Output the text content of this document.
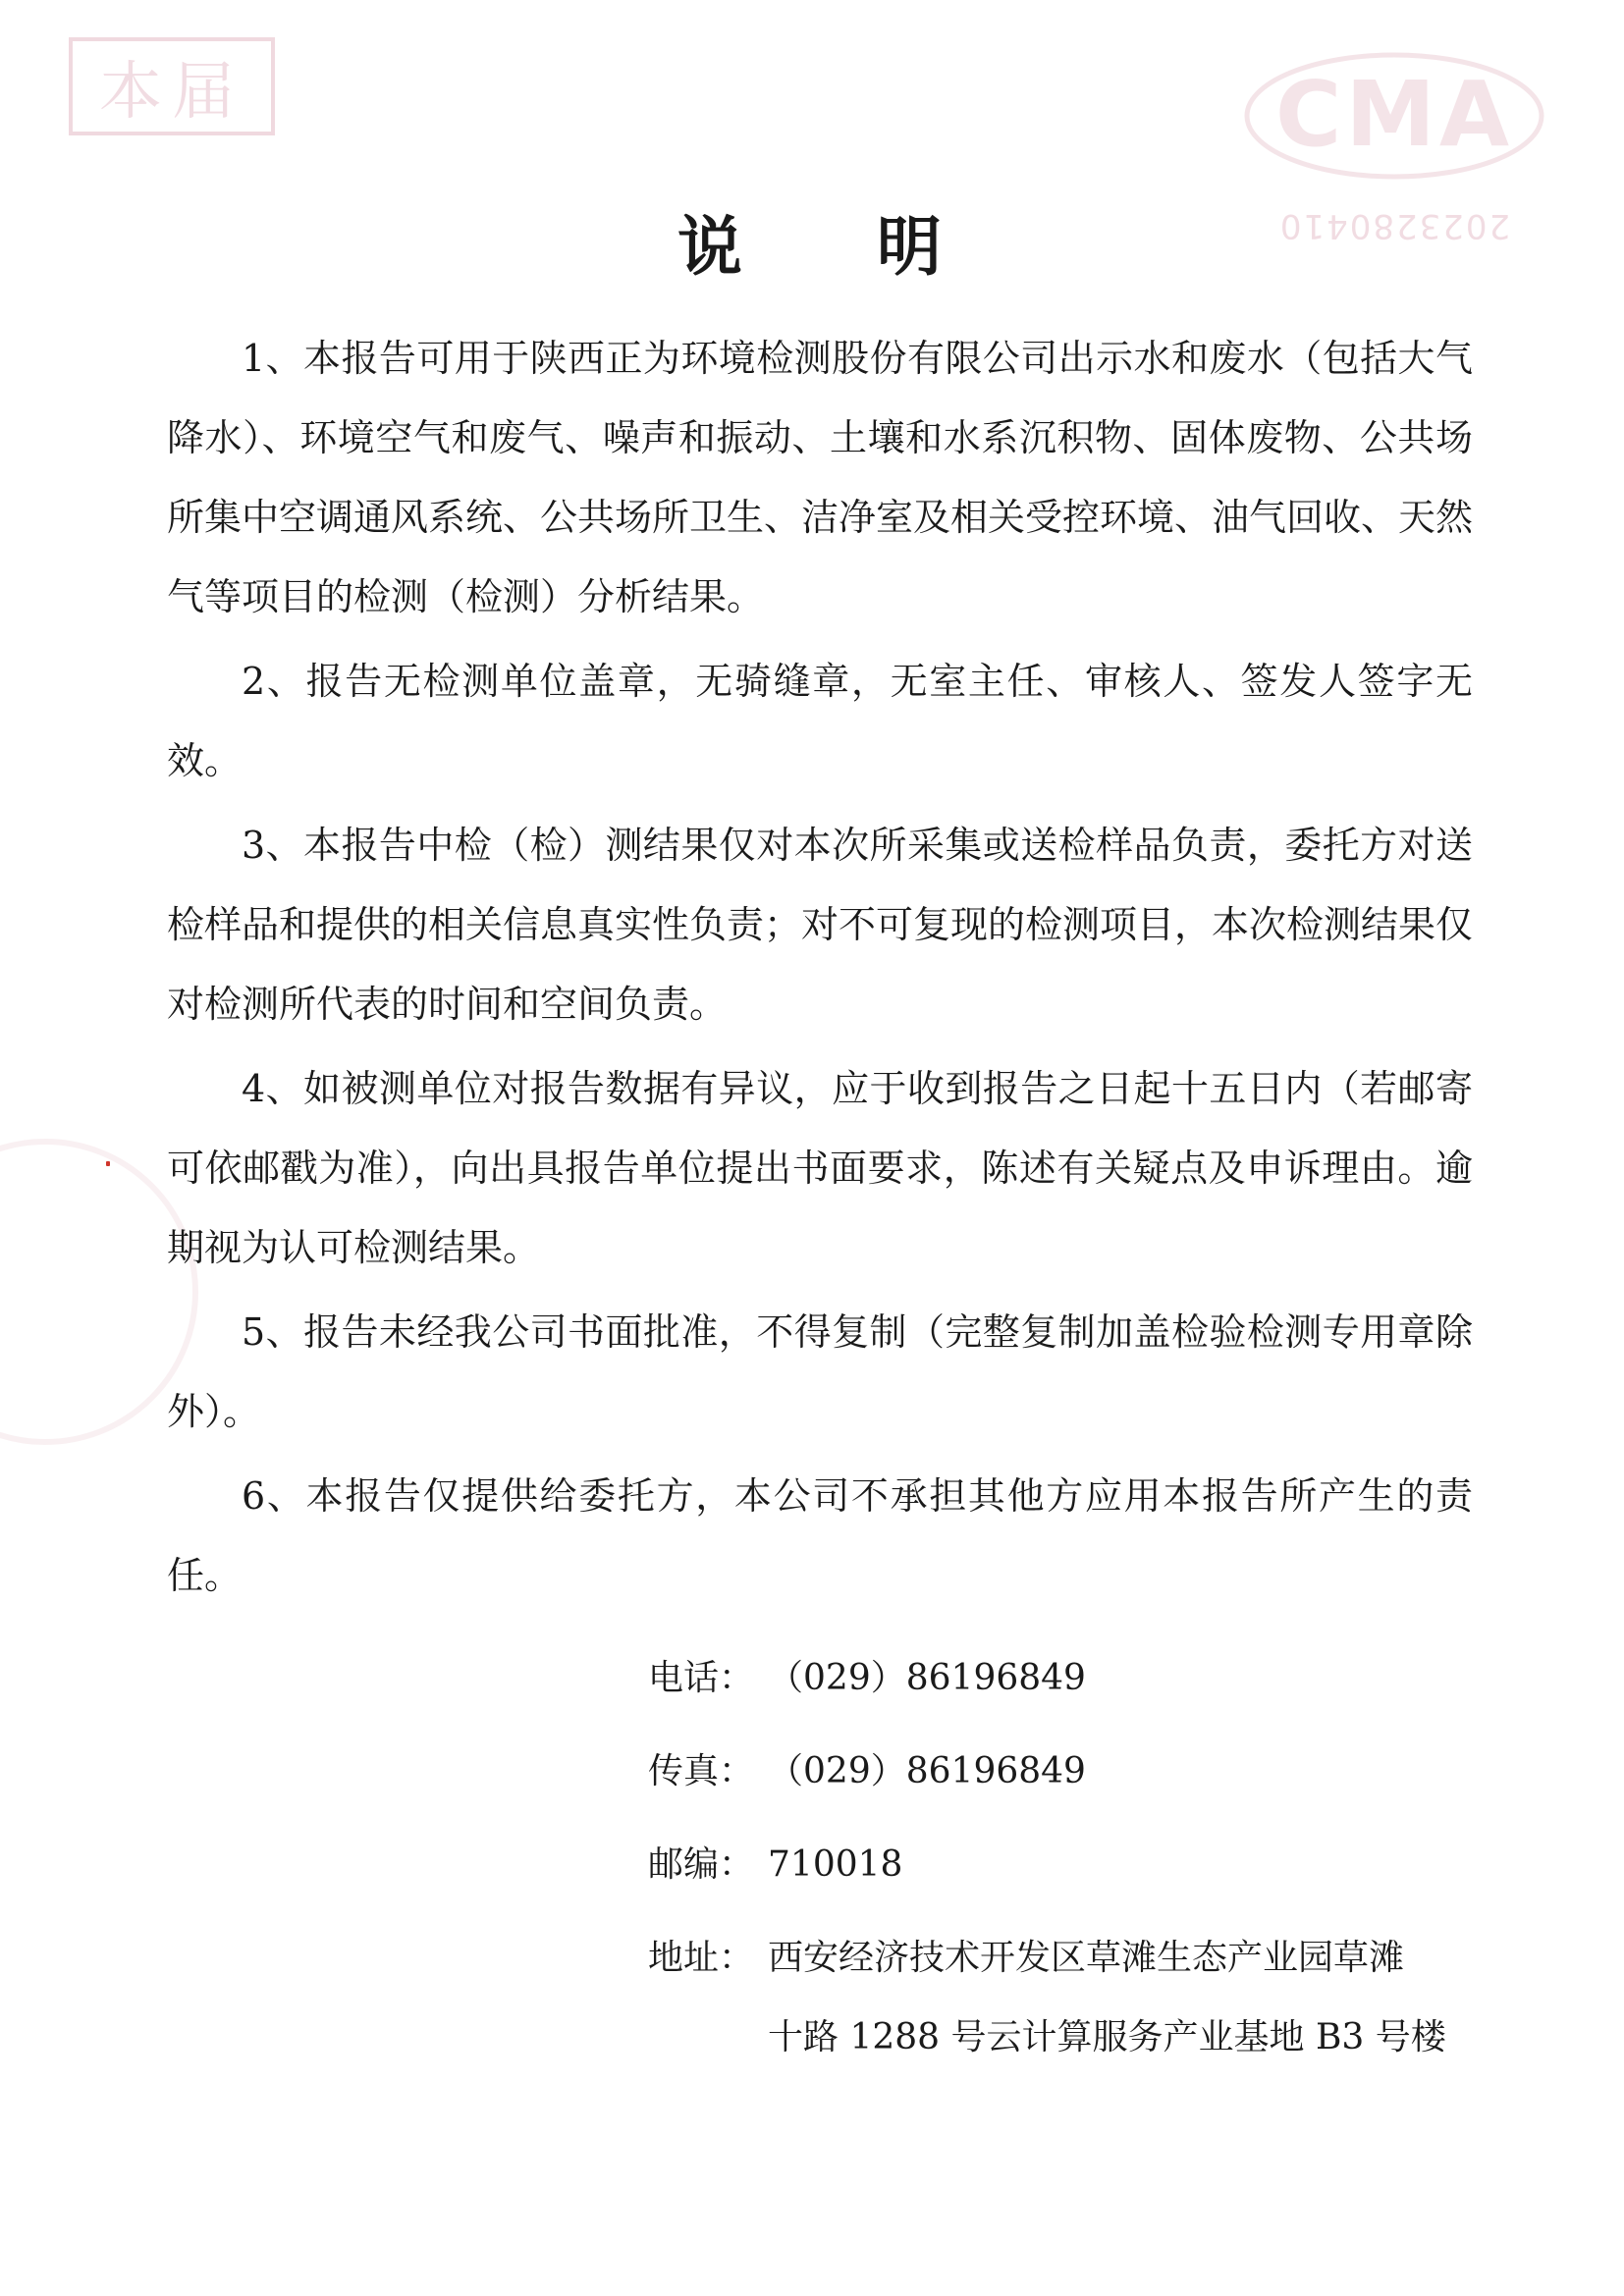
本届	CMA
2023280410
说 明

1、本报告可用于陕西正为环境检测股份有限公司出示水和废水（包括大气降水）、环境空气和废气、噪声和振动、土壤和水系沉积物、固体废物、公共场所集中空调通风系统、公共场所卫生、洁净室及相关受控环境、油气回收、天然气等项目的检测（检测）分析结果。

2、报告无检测单位盖章，无骑缝章，无室主任、审核人、签发人签字无效。

3、本报告中检（检）测结果仅对本次所采集或送检样品负责，委托方对送检样品和提供的相关信息真实性负责；对不可复现的检测项目，本次检测结果仅对检测所代表的时间和空间负责。

4、如被测单位对报告数据有异议，应于收到报告之日起十五日内（若邮寄可依邮戳为准），向出具报告单位提出书面要求，陈述有关疑点及申诉理由。逾期视为认可检测结果。

5、报告未经我公司书面批准，不得复制（完整复制加盖检验检测专用章除外）。

6、本报告仅提供给委托方，本公司不承担其他方应用本报告所产生的责任。

电话： （029）86196849
传真： （029）86196849
邮编： 710018
地址： 西安经济技术开发区草滩生态产业园草滩
十路 1288 号云计算服务产业基地 B3 号楼
